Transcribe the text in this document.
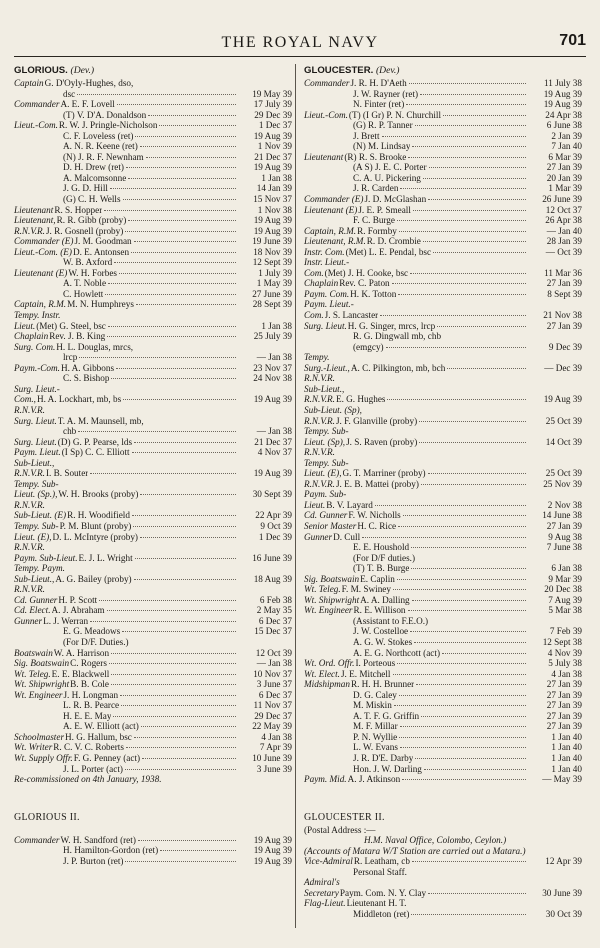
THE ROYAL NAVY	701
GLORIOUS.
(Dev.)
Captain G. D'Oyly-Hughes, dso,
dsc	19 May 39
Commander A. E. F. Lovell	17 July 39
(T) V. D'A. Donaldson	29 Dec 39
Lieut.-Com. R. W. J. Pringle-Nicholson	1 Dec 37
C. F. Loveless (ret)	19 Aug 39
A. N. R. Keene (ret)	1 Nov 39
(N) J. R. F. Newnham	21 Dec 37
D. H. Drew (ret)	19 Aug 39
A. Malcomsonne	1 Jan 38
J. G. D. Hill	14 Jan 39
(G) C. H. Wells	15 Nov 37
Lieutenant R. S. Hopper	1 Nov 38
Lieutenant, R. R. Gibb (proby)	19 Aug 39
R.N.V.R. J. R. Gosnell (proby)	19 Aug 39
Commander (E) J. M. Goodman	19 June 39
Lieut.-Com. (E) D. E. Antonsen	18 Nov 39
W. B. Axford	12 Sept 39
Lieutenant (E) W. H. Forbes	1 July 39
A. T. Noble	1 May 39
C. Howlett	27 June 39
Captain, R.M. M. N. Humphreys	28 Sept 39
Tempy. Instr.
Lieut. (Met) G. Steel, bsc	1 Jan 38
Chaplain Rev. J. B. King	25 July 39
Surg. Com. H. L. Douglas, mrcs,
lrcp	— Jan 38
Paym.-Com. H. A. Gibbons	23 Nov 37
C. S. Bishop	24 Nov 38
Surg. Lieut.-
Com., H. A. Lockhart, mb, bs	19 Aug 39
R.N.V.R.
Surg. Lieut. T. A. M. Maunsell, mb,
chb	— Jan 38
Surg. Lieut. (D) G. P. Pearse, lds	21 Dec 37
Paym. Lieut. (I Sp) C. C. Elliott	4 Nov 37
Sub-Lieut.,
R.N.V.R. I. B. Souter	19 Aug 39
Tempy. Sub-
Lieut. (Sp.), W. H. Brooks (proby)	30 Sept 39
R.N.V.R.
Sub-Lieut. (E) R. H. Woodifield	22 Apr 39
Tempy. Sub- P. M. Blunt (proby)	9 Oct 39
Lieut. (E), D. L. McIntyre (proby)	1 Dec 39
R.N.V.R.
Paym. Sub-Lieut. E. J. L. Wright	16 June 39
Tempy. Paym.
Sub-Lieut., A. G. Bailey (proby)	18 Aug 39
R.N.V.R.
Cd. Gunner H. P. Scott	6 Feb 38
Cd. Elect. A. J. Abraham	2 May 35
Gunner L. J. Werran	6 Dec 37
E. G. Meadows	15 Dec 37
(For D/F. Duties.)
Boatswain W. A. Harrison	12 Oct 39
Sig. Boatswain C. Rogers	— Jan 38
Wt. Teleg. E. E. Blackwell	10 Nov 37
Wt. Shipwright B. B. Cole	3 June 37
Wt. Engineer J. H. Longman	6 Dec 37
L. R. B. Pearce	11 Nov 37
H. E. E. May	29 Dec 37
A. E. W. Elliott (act)	22 May 39
Schoolmaster H. G. Hallum, bsc	4 Jan 38
Wt. Writer R. C. V. C. Roberts	7 Apr 39
Wt. Supply Offr. F. G. Penney (act)	10 June 39
J. L. Porter (act)	3 June 39
Re-commissioned on 4th January, 1938.
GLORIOUS II.
Commander W. H. Sandford (ret)	19 Aug 39
H. Hamilton-Gordon (ret)	19 Aug 39
J. P. Burton (ret)	19 Aug 39
GLOUCESTER.
(Dev.)
Commander J. R. H. D'Aeth	11 July 38
J. W. Rayner (ret)	19 Aug 39
N. Finter (ret)	19 Aug 39
Lieut.-Com. (T) (I Gr) P. N. Churchill	24 Apr 38
(G) R. P. Tanner	6 June 38
J. Brett	2 Jan 39
(N) M. Lindsay	7 Jan 40
Lieutenant (R) R. S. Brooke	6 Mar 39
(A S) J. E. C. Porter	27 Jan 39
C. A. U. Pickering	20 Jan 39
J. R. Carden	1 Mar 39
Commander (E) J. D. McGlashan	26 June 39
Lieutenant (E) J. E. P. Smeall	12 Oct 37
F. C. Burge	26 Apr 38
Captain, R.M. R. Formby	— Jan 40
Lieutenant, R.M. R. D. Crombie	28 Jan 39
Instr. Com. (Met) L. E. Pendal, bsc	— Oct 39
Instr. Lieut.-
Com. (Met) J. H. Cooke, bsc	11 Mar 36
Chaplain Rev. C. Paton	27 Jan 39
Paym. Com. H. K. Totton	8 Sept 39
Paym. Lieut.-
Com. J. S. Lancaster	21 Nov 38
Surg. Lieut. H. G. Singer, mrcs, lrcp	27 Jan 39
R. G. Dingwall mb, chb
(emgcy)	9 Dec 39
Tempy.
Surg.-Lieut., A. C. Pilkington, mb, bch	— Dec 39
R.N.V.R.
Sub-Lieut.,
R.N.V.R. E. G. Hughes	19 Aug 39
Sub-Lieut. (Sp),
R.N.V.R. J. F. Glanville (proby)	25 Oct 39
Tempy. Sub-
Lieut. (Sp), J. S. Raven (proby)	14 Oct 39
R.N.V.R.
Tempy. Sub-
Lieut. (E), G. T. Marriner (proby)	25 Oct 39
R.N.V.R. J. E. B. Mattei (proby)	25 Nov 39
Paym. Sub-
Lieut. B. V. Layard	2 Nov 38
Cd. Gunner F. W. Nicholls	14 June 38
Senior Master H. C. Rice	27 Jan 39
Gunner D. Cull	9 Aug 38
E. E. Houshold	7 June 38
(For D/F duties.)
(T) T. B. Burge	6 Jan 38
Sig. Boatswain E. Caplin	9 Mar 39
Wt. Teleg. F. M. Swiney	20 Dec 38
Wt. Shipwright A. A. Dalling	7 Aug 39
Wt. Engineer R. E. Willison	5 Mar 38
(Assistant to F.E.O.)
J. W. Costelloe	7 Feb 39
A. G. W. Stokes	12 Sept 38
A. E. G. Northcott (act)	4 Nov 39
Wt. Ord. Offr. I. Porteous	5 July 38
Wt. Elect. J. E. Mitchell	4 Jan 38
Midshipman R. H. H. Brunner	27 Jan 39
D. G. Caley	27 Jan 39
M. Miskin	27 Jan 39
A. T. F. G. Griffin	27 Jan 39
M. F. Millar	27 Jan 39
P. N. Wyllie	1 Jan 40
L. W. Evans	1 Jan 40
J. R. D'E. Darby	1 Jan 40
Hon. J. W. Darling	1 Jan 40
Paym. Mid. A. J. Atkinson	— May 39
GLOUCESTER II.
(Postal Address :—
H.M. Naval Office, Colombo, Ceylon.)
(Accounts of Matara W/T Station are carried out a Matara.)
Vice-Admiral R. Leatham, cb	12 Apr 39
Personal Staff.
Admiral's
Secretary Paym. Com. N. Y. Clay	30 June 39
Flag-Lieut. Lieutenant H. T.
Middleton (ret)	30 Oct 39
